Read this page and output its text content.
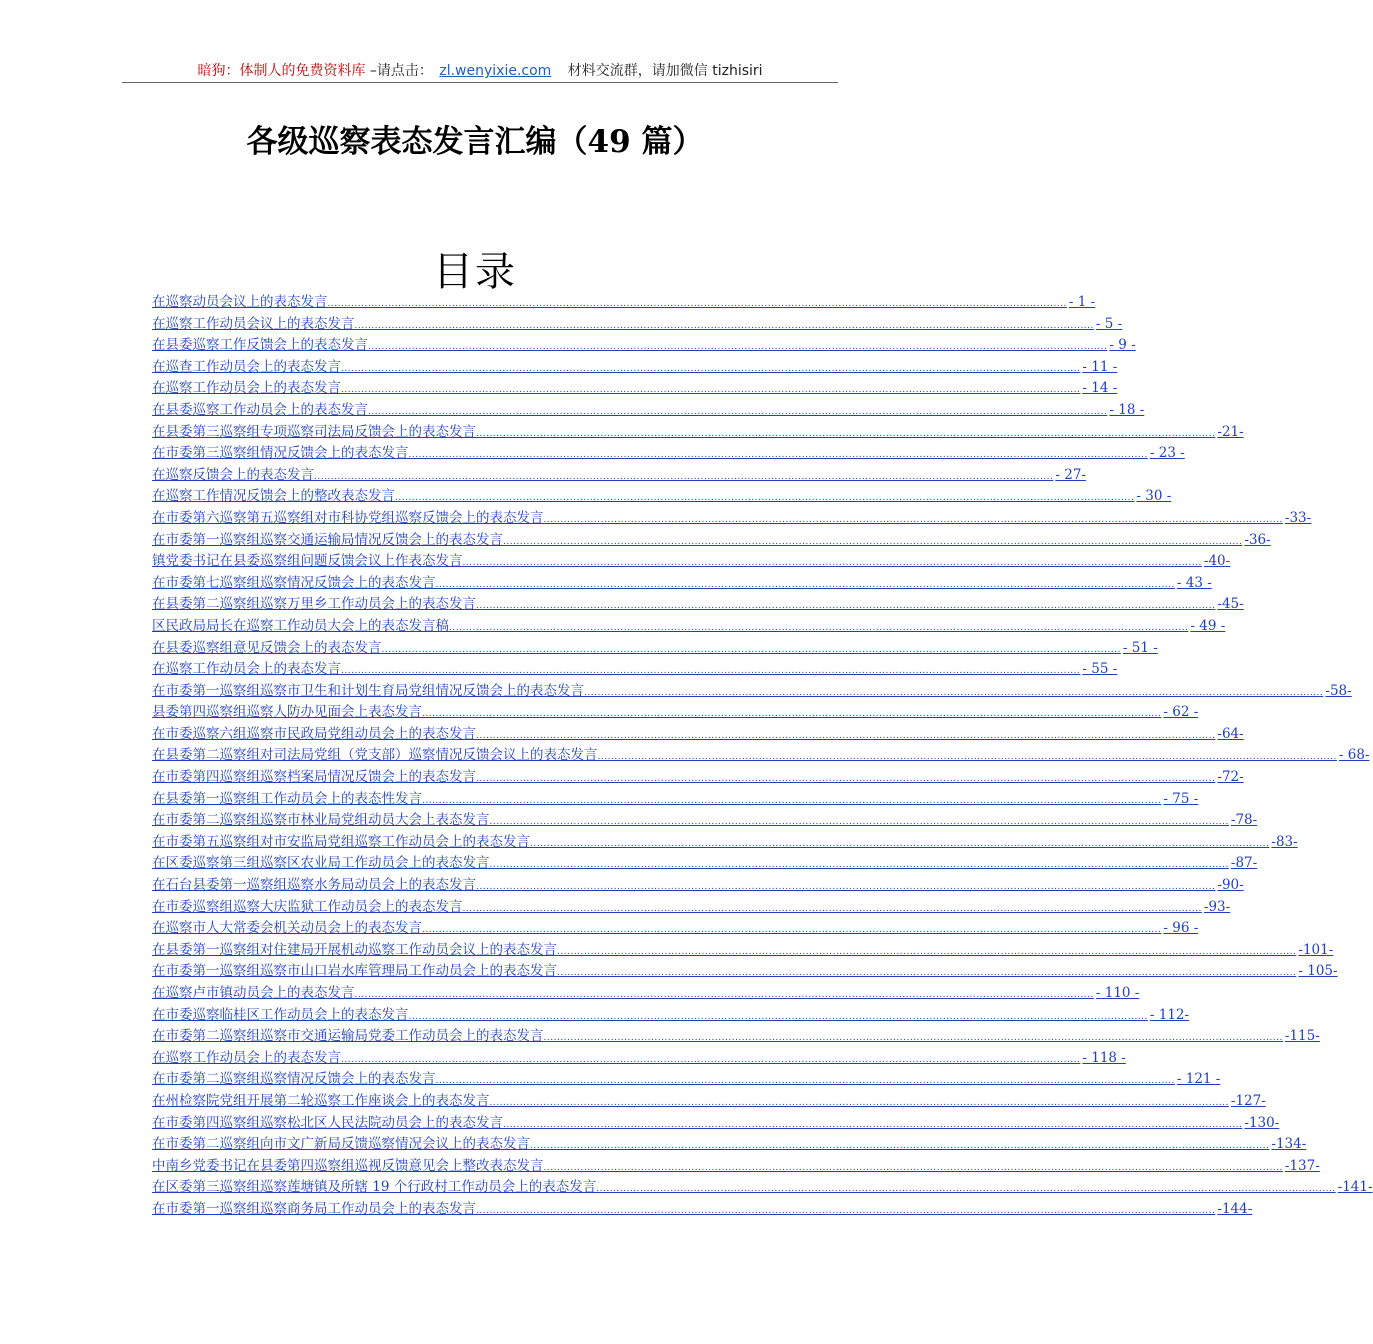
暗狗：体制人的免费资料库 –请点击： zl.wenyixie.com 材料交流群，请加微信 tizhisiri
各级巡察表态发言汇编（49 篇）
目录
在巡察动员会议上的表态发言 ............................................................................................................................................................................................................................ - 1 -
在巡察工作动员会议上的表态发言 ............................................................................................................................................................................................................................ - 5 -
在县委巡察工作反馈会上的表态发言 ............................................................................................................................................................................................................................ - 9 -
在巡查工作动员会上的表态发言 ............................................................................................................................................................................................................................ - 11 -
在巡察工作动员会上的表态发言 ............................................................................................................................................................................................................................ - 14 -
在县委巡察工作动员会上的表态发言 ............................................................................................................................................................................................................................ - 18 -
在县委第三巡察组专项巡察司法局反馈会上的表态发言 ............................................................................................................................................................................................................................ -21-
在市委第三巡察组情况反馈会上的表态发言 ............................................................................................................................................................................................................................ - 23 -
在巡察反馈会上的表态发言 ............................................................................................................................................................................................................................ - 27-
在巡察工作情况反馈会上的整改表态发言 ............................................................................................................................................................................................................................ - 30 -
在市委第六巡察第五巡察组对市科协党组巡察反馈会上的表态发言 ............................................................................................................................................................................................................................ -33-
在市委第一巡察组巡察交通运输局情况反馈会上的表态发言 ............................................................................................................................................................................................................................ -36-
镇党委书记在县委巡察组问题反馈会议上作表态发言 ............................................................................................................................................................................................................................ -40-
在市委第七巡察组巡察情况反馈会上的表态发言 ............................................................................................................................................................................................................................ - 43 -
在县委第二巡察组巡察万里乡工作动员会上的表态发言 ............................................................................................................................................................................................................................ -45-
区民政局局长在巡察工作动员大会上的表态发言稿 ............................................................................................................................................................................................................................ - 49 -
在县委巡察组意见反馈会上的表态发言 ............................................................................................................................................................................................................................ - 51 -
在巡察工作动员会上的表态发言 ............................................................................................................................................................................................................................ - 55 -
在市委第一巡察组巡察市卫生和计划生育局党组情况反馈会上的表态发言 ............................................................................................................................................................................................................................ -58-
县委第四巡察组巡察人防办见面会上表态发言 ............................................................................................................................................................................................................................ - 62 -
在市委巡察六组巡察市民政局党组动员会上的表态发言 ............................................................................................................................................................................................................................ -64-
在县委第二巡察组对司法局党组（党支部）巡察情况反馈会议上的表态发言 ............................................................................................................................................................................................................................ - 68-
在市委第四巡察组巡察档案局情况反馈会上的表态发言 ............................................................................................................................................................................................................................ -72-
在县委第一巡察组工作动员会上的表态性发言 ............................................................................................................................................................................................................................ - 75 -
在市委第二巡察组巡察市林业局党组动员大会上表态发言 ............................................................................................................................................................................................................................ -78-
在市委第五巡察组对市安监局党组巡察工作动员会上的表态发言 ............................................................................................................................................................................................................................ -83-
在区委巡察第三组巡察区农业局工作动员会上的表态发言 ............................................................................................................................................................................................................................ -87-
在石台县委第一巡察组巡察水务局动员会上的表态发言 ............................................................................................................................................................................................................................ -90-
在市委巡察组巡察大庆监狱工作动员会上的表态发言 ............................................................................................................................................................................................................................ -93-
在巡察市人大常委会机关动员会上的表态发言 ............................................................................................................................................................................................................................ - 96 -
在县委第一巡察组对住建局开展机动巡察工作动员会议上的表态发言 ............................................................................................................................................................................................................................ -101-
在市委第一巡察组巡察市山口岩水库管理局工作动员会上的表态发言 ............................................................................................................................................................................................................................ - 105-
在巡察卢市镇动员会上的表态发言 ............................................................................................................................................................................................................................ - 110 -
在市委巡察临桂区工作动员会上的表态发言 ............................................................................................................................................................................................................................ - 112-
在市委第二巡察组巡察市交通运输局党委工作动员会上的表态发言 ............................................................................................................................................................................................................................ -115-
在巡察工作动员会上的表态发言 ............................................................................................................................................................................................................................ - 118 -
在市委第二巡察组巡察情况反馈会上的表态发言 ............................................................................................................................................................................................................................ - 121 -
在州检察院党组开展第二轮巡察工作座谈会上的表态发言 ............................................................................................................................................................................................................................ -127-
在市委第四巡察组巡察松北区人民法院动员会上的表态发言 ............................................................................................................................................................................................................................ -130-
在市委第二巡察组向市文广新局反馈巡察情况会议上的表态发言 ............................................................................................................................................................................................................................ -134-
中南乡党委书记在县委第四巡察组巡视反馈意见会上整改表态发言 ............................................................................................................................................................................................................................ -137-
在区委第三巡察组巡察莲塘镇及所辖 19 个行政村工作动员会上的表态发言 ............................................................................................................................................................................................................................ -141-
在市委第一巡察组巡察商务局工作动员会上的表态发言 ............................................................................................................................................................................................................................ -144-
